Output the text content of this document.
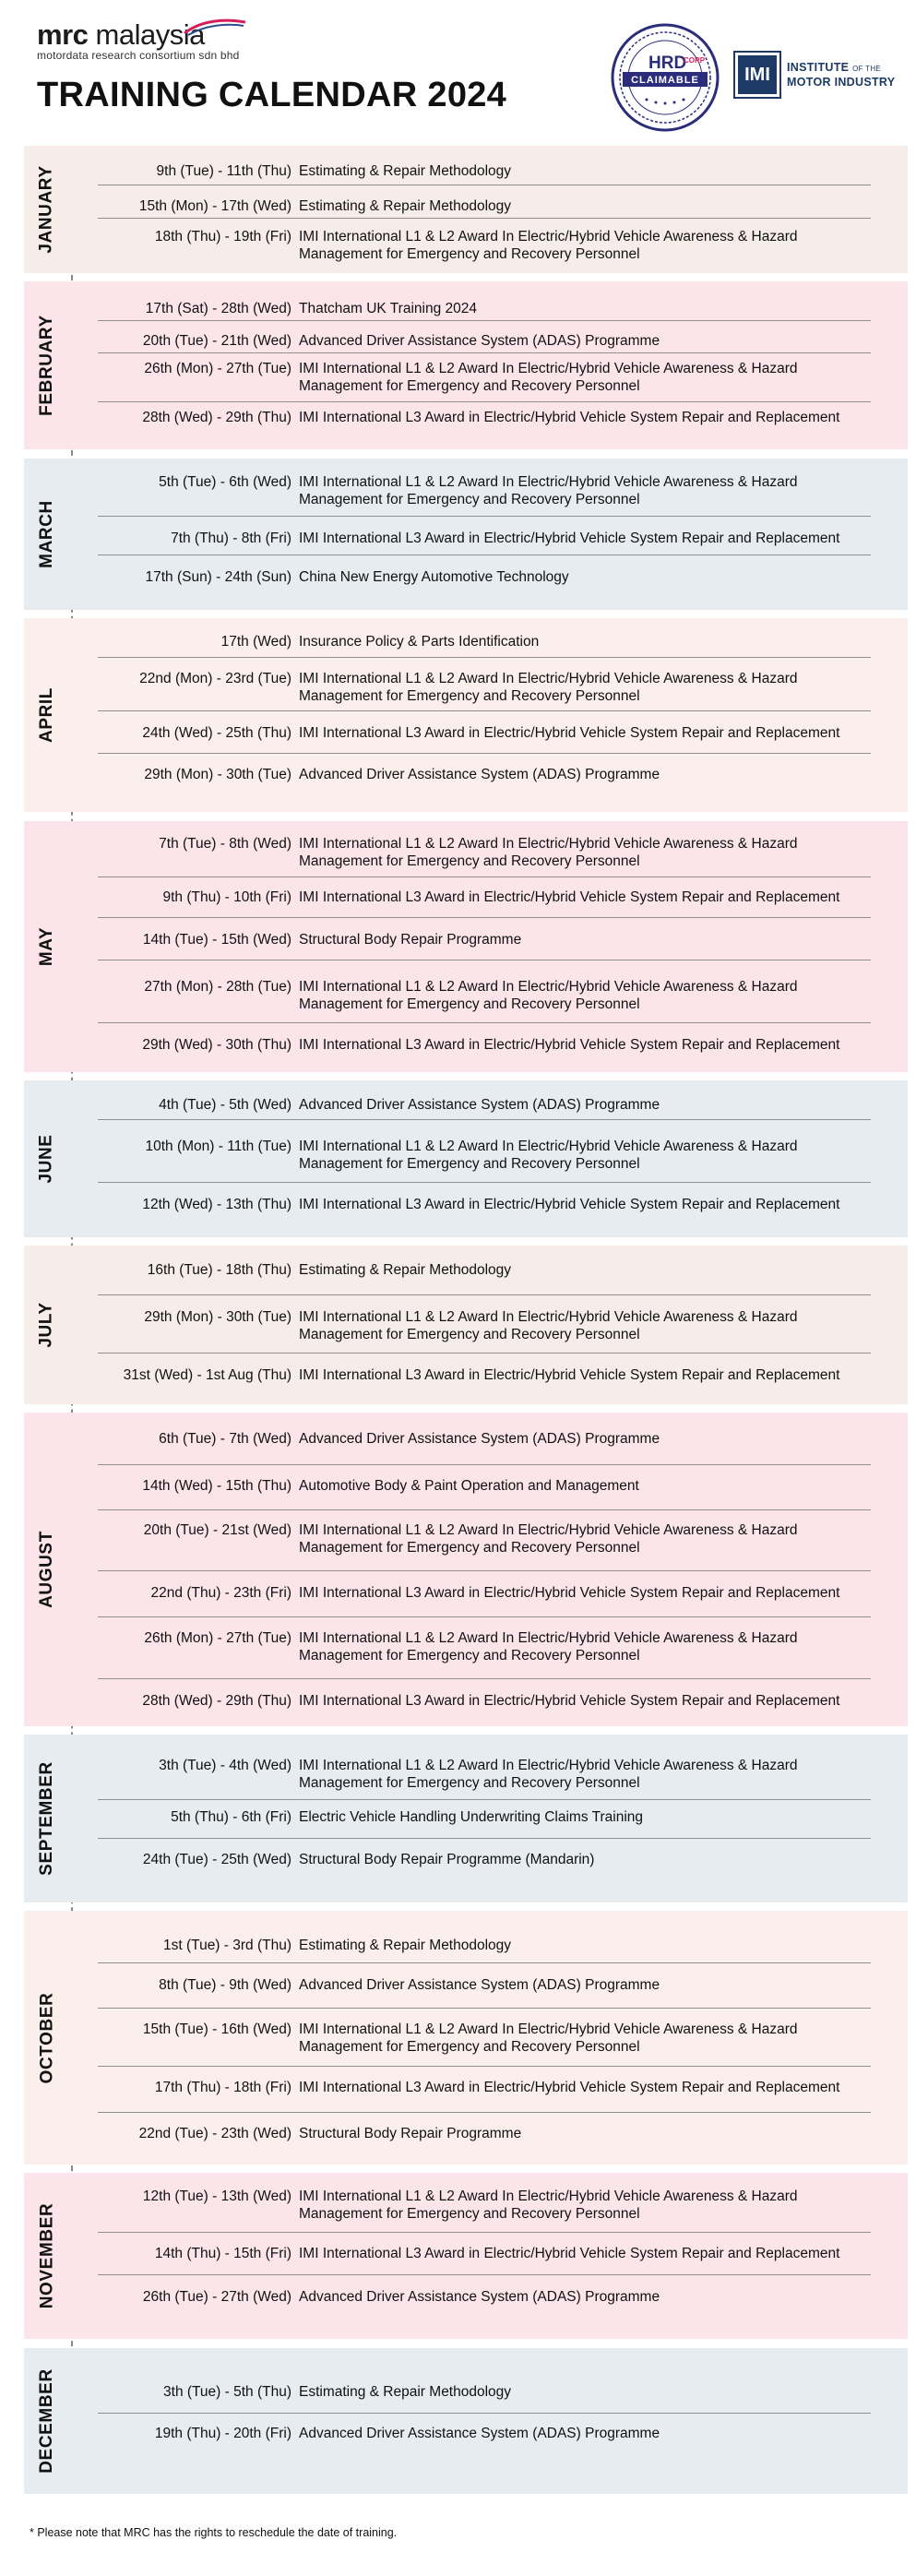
mrc malaysia
motordata research consortium sdn bhd
TRAINING CALENDAR 2024
HRD
CORP
CLAIMABLE	IMI	INSTITUTE OF THE
MOTOR INDUSTRY
JANUARY	9th (Tue) - 11th (Thu) Estimating & Repair Methodology
15th (Mon) - 17th (Wed) Estimating & Repair Methodology
18th (Thu) - 19th (Fri) IMI International L1 & L2 Award In Electric/Hybrid Vehicle Awareness & Hazard Management for Emergency and Recovery Personnel
FEBRUARY
17th (Sat) - 28th (Wed) Thatcham UK Training 2024
20th (Tue) - 21th (Wed) Advanced Driver Assistance System (ADAS) Programme
26th (Mon) - 27th (Tue) IMI International L1 & L2 Award In Electric/Hybrid Vehicle Awareness & Hazard Management for Emergency and Recovery Personnel
28th (Wed) - 29th (Thu) IMI International L3 Award in Electric/Hybrid Vehicle System Repair and Replacement
MARCH
5th (Tue) - 6th (Wed) IMI International L1 & L2 Award In Electric/Hybrid Vehicle Awareness & Hazard Management for Emergency and Recovery Personnel
7th (Thu) - 8th (Fri) IMI International L3 Award in Electric/Hybrid Vehicle System Repair and Replacement
17th (Sun) - 24th (Sun) China New Energy Automotive Technology
APRIL
17th (Wed) Insurance Policy & Parts Identification
22nd (Mon) - 23rd (Tue) IMI International L1 & L2 Award In Electric/Hybrid Vehicle Awareness & Hazard Management for Emergency and Recovery Personnel
24th (Wed) - 25th (Thu) IMI International L3 Award in Electric/Hybrid Vehicle System Repair and Replacement
29th (Mon) - 30th (Tue) Advanced Driver Assistance System (ADAS) Programme
MAY
7th (Tue) - 8th (Wed) IMI International L1 & L2 Award In Electric/Hybrid Vehicle Awareness & Hazard Management for Emergency and Recovery Personnel
9th (Thu) - 10th (Fri) IMI International L3 Award in Electric/Hybrid Vehicle System Repair and Replacement
14th (Tue) - 15th (Wed) Structural Body Repair Programme
27th (Mon) - 28th (Tue) IMI International L1 & L2 Award In Electric/Hybrid Vehicle Awareness & Hazard Management for Emergency and Recovery Personnel
29th (Wed) - 30th (Thu) IMI International L3 Award in Electric/Hybrid Vehicle System Repair and Replacement
JUNE
4th (Tue) - 5th (Wed) Advanced Driver Assistance System (ADAS) Programme
10th (Mon) - 11th (Tue) IMI International L1 & L2 Award In Electric/Hybrid Vehicle Awareness & Hazard Management for Emergency and Recovery Personnel
12th (Wed) - 13th (Thu) IMI International L3 Award in Electric/Hybrid Vehicle System Repair and Replacement
JULY
16th (Tue) - 18th (Thu) Estimating & Repair Methodology
29th (Mon) - 30th (Tue) IMI International L1 & L2 Award In Electric/Hybrid Vehicle Awareness & Hazard Management for Emergency and Recovery Personnel
31st (Wed) - 1st Aug (Thu) IMI International L3 Award in Electric/Hybrid Vehicle System Repair and Replacement
AUGUST
6th (Tue) - 7th (Wed) Advanced Driver Assistance System (ADAS) Programme
14th (Wed) - 15th (Thu) Automotive Body & Paint Operation and Management
20th (Tue) - 21st (Wed) IMI International L1 & L2 Award In Electric/Hybrid Vehicle Awareness & Hazard Management for Emergency and Recovery Personnel
22nd (Thu) - 23th (Fri) IMI International L3 Award in Electric/Hybrid Vehicle System Repair and Replacement
26th (Mon) - 27th (Tue) IMI International L1 & L2 Award In Electric/Hybrid Vehicle Awareness & Hazard Management for Emergency and Recovery Personnel
28th (Wed) - 29th (Thu) IMI International L3 Award in Electric/Hybrid Vehicle System Repair and Replacement
SEPTEMBER	3th (Tue) - 4th (Wed) IMI International L1 & L2 Award In Electric/Hybrid Vehicle Awareness & Hazard Management for Emergency and Recovery Personnel
5th (Thu) - 6th (Fri) Electric Vehicle Handling Underwriting Claims Training
24th (Tue) - 25th (Wed) Structural Body Repair Programme (Mandarin)
OCTOBER
1st (Tue) - 3rd (Thu) Estimating & Repair Methodology
8th (Tue) - 9th (Wed) Advanced Driver Assistance System (ADAS) Programme
15th (Tue) - 16th (Wed) IMI International L1 & L2 Award In Electric/Hybrid Vehicle Awareness & Hazard Management for Emergency and Recovery Personnel
17th (Thu) - 18th (Fri) IMI International L3 Award in Electric/Hybrid Vehicle System Repair and Replacement
22nd (Tue) - 23th (Wed) Structural Body Repair Programme
NOVEMBER
12th (Tue) - 13th (Wed) IMI International L1 & L2 Award In Electric/Hybrid Vehicle Awareness & Hazard Management for Emergency and Recovery Personnel
14th (Thu) - 15th (Fri) IMI International L3 Award in Electric/Hybrid Vehicle System Repair and Replacement
26th (Tue) - 27th (Wed) Advanced Driver Assistance System (ADAS) Programme
DECEMBER	3th (Tue) - 5th (Thu) Estimating & Repair Methodology
19th (Thu) - 20th (Fri) Advanced Driver Assistance System (ADAS) Programme
* Please note that MRC has the rights to reschedule the date of training.
